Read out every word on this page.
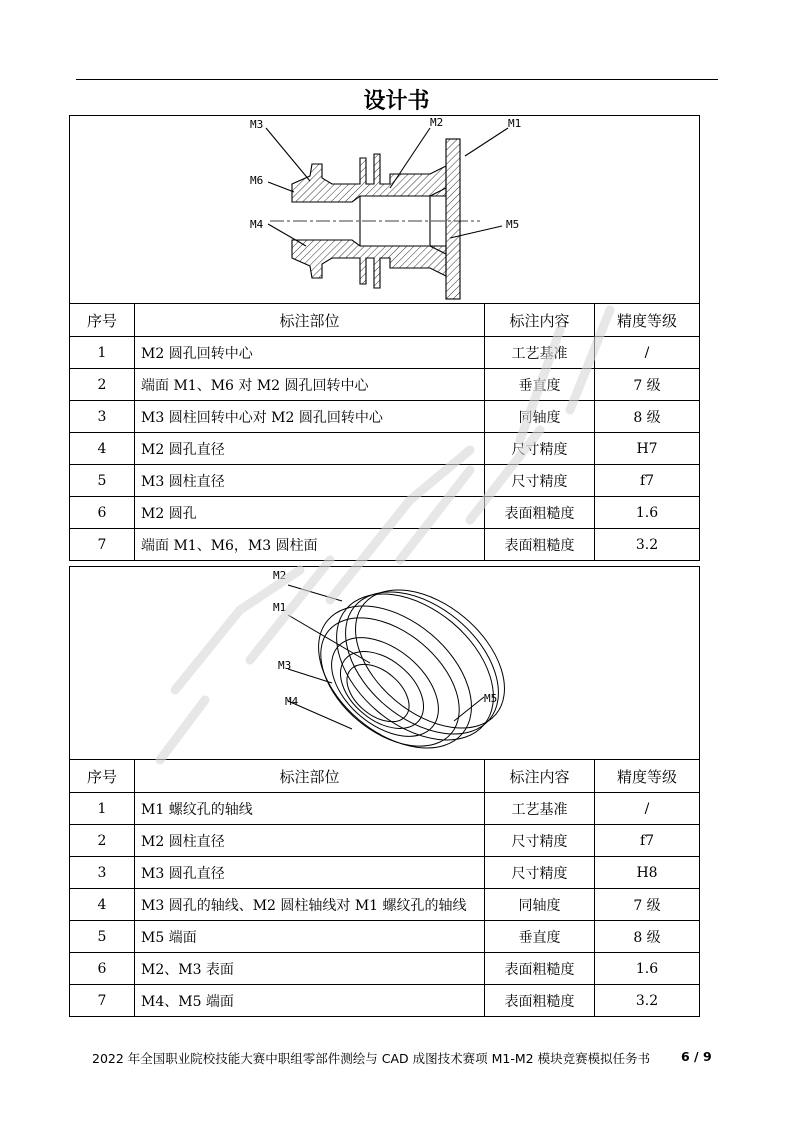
设计书
M3	M2	M1
M6
M4	M5
序号	标注部位	标注内容	精度等级
1	M2 圆孔回转中心	工艺基准	/
2	端面 M1、M6 对 M2 圆孔回转中心	垂直度	7 级
3	M3 圆柱回转中心对 M2 圆孔回转中心	同轴度	8 级
4	M2 圆孔直径	尺寸精度	H7
5	M3 圆柱直径	尺寸精度	f7
6	M2 圆孔	表面粗糙度	1.6
7	端面 M1、M6，M3 圆柱面	表面粗糙度	3.2
M2
M1
M3
M4	M5
序号	标注部位	标注内容	精度等级
1	M1 螺纹孔的轴线	工艺基准	/
2	M2 圆柱直径	尺寸精度	f7
3	M3 圆孔直径	尺寸精度	H8
4	M3 圆孔的轴线、M2 圆柱轴线对 M1 螺纹孔的轴线	同轴度	7 级
5	M5 端面	垂直度	8 级
6	M2、M3 表面	表面粗糙度	1.6
7	M4、M5 端面	表面粗糙度	3.2
2022 年全国职业院校技能大赛中职组零部件测绘与 CAD 成图技术赛项 M1-M2 模块竞赛模拟任务书 6 / 9
